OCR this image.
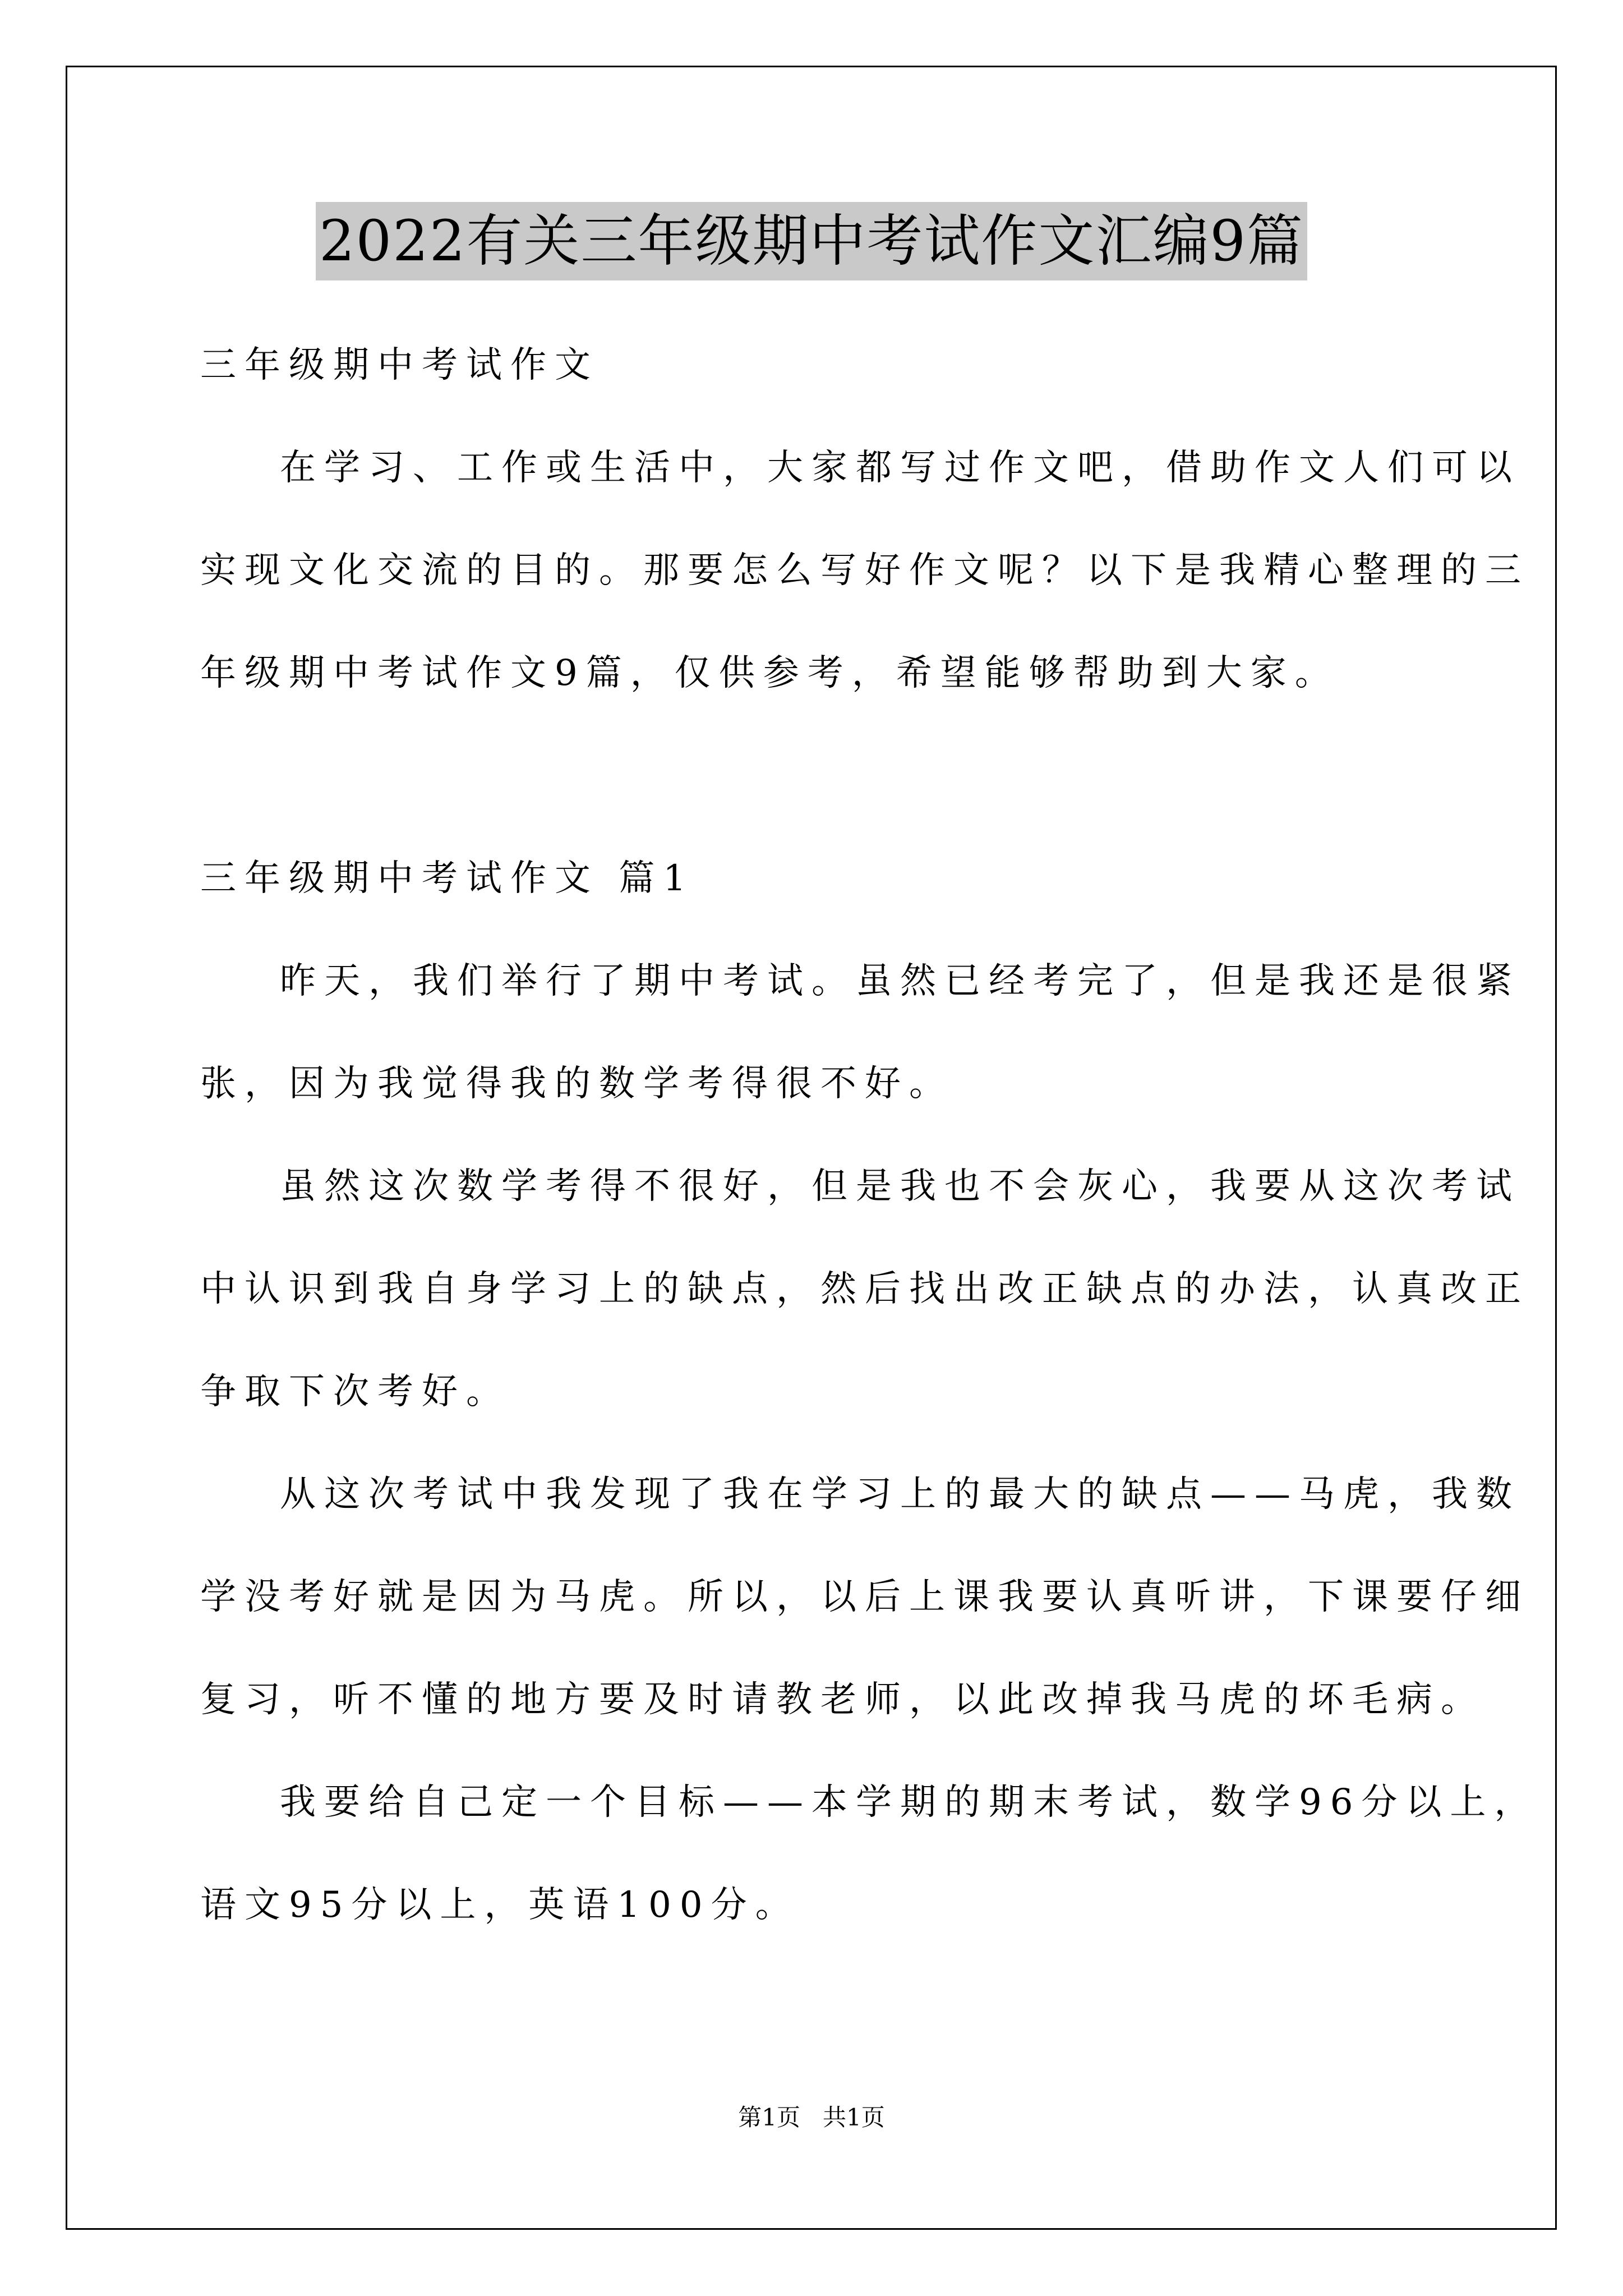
2022有关三年级期中考试作文汇编9篇
三年级期中考试作文
在学习、工作或生活中，大家都写过作文吧，借助作文人们可以
实现文化交流的目的。那要怎么写好作文呢？以下是我精心整理的三
年级期中考试作文9篇，仅供参考，希望能够帮助到大家。
三年级期中考试作文 篇1
昨天，我们举行了期中考试。虽然已经考完了，但是我还是很紧
张，因为我觉得我的数学考得很不好。
虽然这次数学考得不很好，但是我也不会灰心，我要从这次考试
中认识到我自身学习上的缺点，然后找出改正缺点的办法，认真改正
争取下次考好。
从这次考试中我发现了我在学习上的最大的缺点——马虎，我数
学没考好就是因为马虎。所以，以后上课我要认真听讲，下课要仔细
复习，听不懂的地方要及时请教老师，以此改掉我马虎的坏毛病。
我要给自己定一个目标——本学期的期末考试，数学96分以上，
语文95分以上，英语100分。
第1页   共1页
